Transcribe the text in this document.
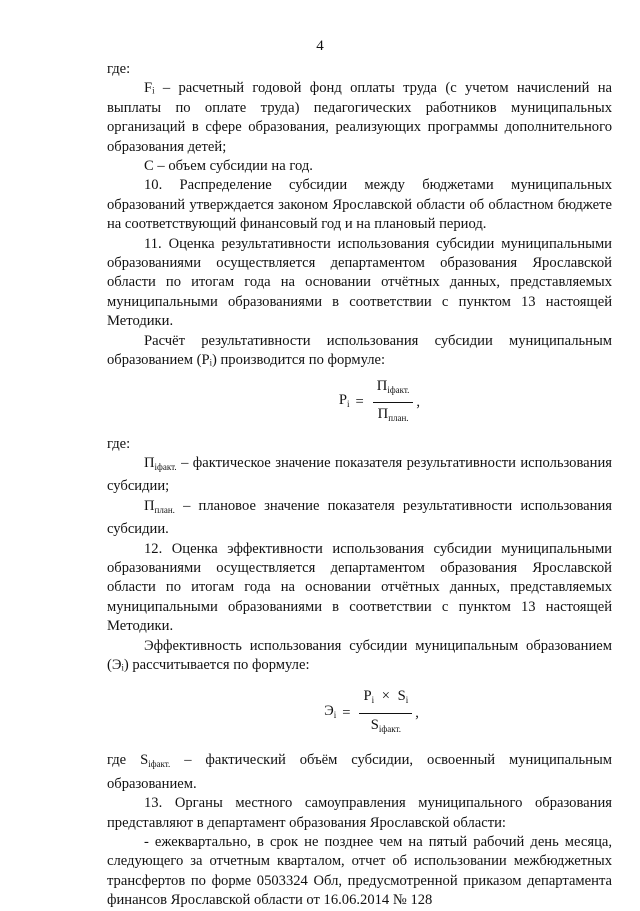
4

где:

Fᵢ – расчетный годовой фонд оплаты труда (с учетом начислений на выплаты по оплате труда) педагогических работников муниципальных организаций в сфере образования, реализующих программы дополнительного образования детей;

С – объем субсидии на год.

10. Распределение субсидии между бюджетами муниципальных образований утверждается законом Ярославской области об областном бюджете на соответствующий финансовый год и на плановый период.

11. Оценка результативности использования субсидии муниципальными образованиями осуществляется департаментом образования Ярославской области по итогам года на основании отчётных данных, представляемых муниципальными образованиями в соответствии с пунктом 13 настоящей Методики.

Расчёт результативности использования субсидии муниципальным образованием (Pᵢ) производится по формуле:

$P_i = \frac{П_{iфакт.}}{П_{план.}}$ ,

где:

$П_{iфакт.}$ – фактическое значение показателя результативности использования субсидии;

$П_{план.}$ – плановое значение показателя результативности использования субсидии.

12. Оценка эффективности использования субсидии муниципальными образованиями осуществляется департаментом образования Ярославской области по итогам года на основании отчётных данных, представляемых муниципальными образованиями в соответствии с пунктом 13 настоящей Методики.

Эффективность использования субсидии муниципальным образованием (Эᵢ) рассчитывается по формуле:

$Э_i = \frac{P_i \times S_i}{S_{iфакт.}}$ ,

где $S_{iфакт.}$ – фактический объём субсидии, освоенный муниципальным образованием.

13. Органы местного самоуправления муниципального образования представляют в департамент образования Ярославской области:

- ежеквартально, в срок не позднее чем на пятый рабочий день месяца, следующего за отчетным кварталом, отчет об использовании межбюджетных трансфертов по форме 0503324 Обл, предусмотренной приказом департамента финансов Ярославской области от 16.06.2014 № 128
